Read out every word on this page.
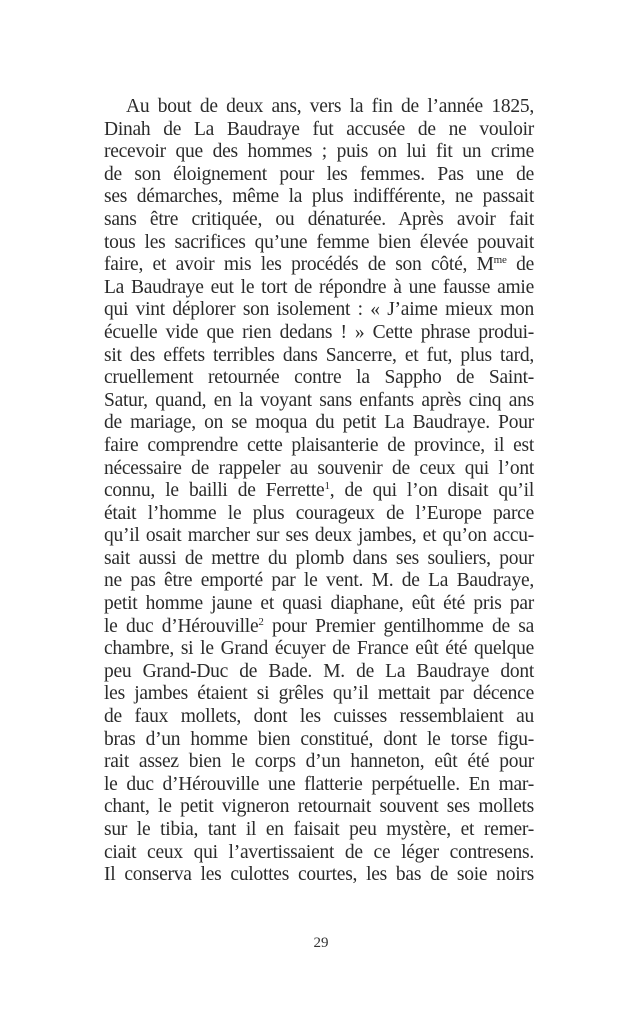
Au bout de deux ans, vers la fin de l’année 1825,
Dinah de La Baudraye fut accusée de ne vouloir
recevoir que des hommes ; puis on lui fit un crime
de son éloignement pour les femmes. Pas une de
ses démarches, même la plus indifférente, ne passait
sans être critiquée, ou dénaturée. Après avoir fait
tous les sacrifices qu’une femme bien élevée pouvait
faire, et avoir mis les procédés de son côté, $M^{me}$ de
La Baudraye eut le tort de répondre à une fausse amie
qui vint déplorer son isolement : « J’aime mieux mon
écuelle vide que rien dedans ! » Cette phrase produi-
sit des effets terribles dans Sancerre, et fut, plus tard,
cruellement retournée contre la Sappho de Saint-
Satur, quand, en la voyant sans enfants après cinq ans
de mariage, on se moqua du petit La Baudraye. Pour
faire comprendre cette plaisanterie de province, il est
nécessaire de rappeler au souvenir de ceux qui l’ont
connu, le bailli de Ferrette$^1$, de qui l’on disait qu’il
était l’homme le plus courageux de l’Europe parce
qu’il osait marcher sur ses deux jambes, et qu’on accu-
sait aussi de mettre du plomb dans ses souliers, pour
ne pas être emporté par le vent. M. de La Baudraye,
petit homme jaune et quasi diaphane, eût été pris par
le duc d’Hérouville$^2$ pour Premier gentilhomme de sa
chambre, si le Grand écuyer de France eût été quelque
peu Grand-Duc de Bade. M. de La Baudraye dont
les jambes étaient si grêles qu’il mettait par décence
de faux mollets, dont les cuisses ressemblaient au
bras d’un homme bien constitué, dont le torse figu-
rait assez bien le corps d’un hanneton, eût été pour
le duc d’Hérouville une flatterie perpétuelle. En mar-
chant, le petit vigneron retournait souvent ses mollets
sur le tibia, tant il en faisait peu mystère, et remer-
ciait ceux qui l’avertissaient de ce léger contresens.
Il conserva les culottes courtes, les bas de soie noirs
29
